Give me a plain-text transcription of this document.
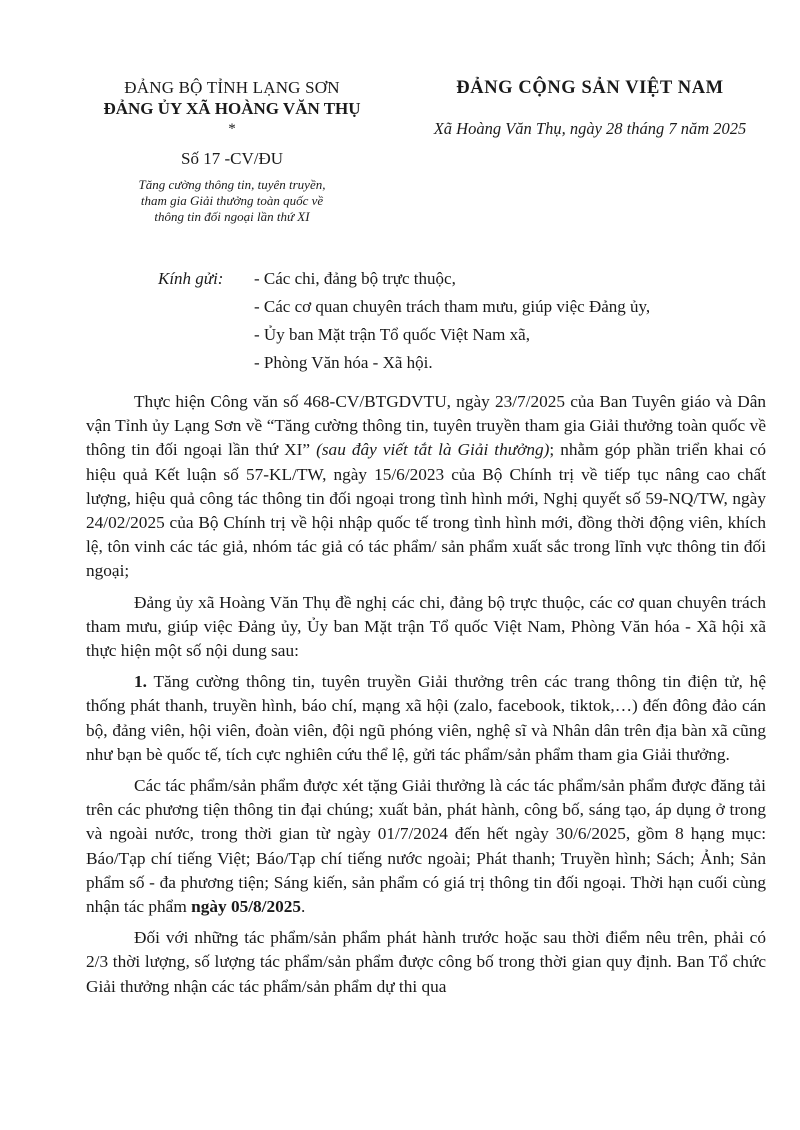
ĐẢNG BỘ TỈNH LẠNG SƠN
ĐẢNG ỦY XÃ HOÀNG VĂN THỤ
*
Số 17 -CV/ĐU
Tăng cường thông tin, tuyên truyền,
tham gia Giải thưởng toàn quốc về
thông tin đối ngoại lần thứ XI
ĐẢNG CỘNG SẢN VIỆT NAM
Xã Hoàng Văn Thụ, ngày 28 tháng 7 năm 2025
Kính gửi:	- Các chi, đảng bộ trực thuộc,
- Các cơ quan chuyên trách tham mưu, giúp việc Đảng ủy,
- Ủy ban Mặt trận Tổ quốc Việt Nam xã,
- Phòng Văn hóa - Xã hội.

Thực hiện Công văn số 468-CV/BTGDVTU, ngày 23/7/2025 của Ban Tuyên giáo và Dân vận Tỉnh ủy Lạng Sơn về “Tăng cường thông tin, tuyên truyền tham gia Giải thưởng toàn quốc về thông tin đối ngoại lần thứ XI” (sau đây viết tắt là Giải thưởng); nhằm góp phần triển khai có hiệu quả Kết luận số 57-KL/TW, ngày 15/6/2023 của Bộ Chính trị về tiếp tục nâng cao chất lượng, hiệu quả công tác thông tin đối ngoại trong tình hình mới, Nghị quyết số 59-NQ/TW, ngày 24/02/2025 của Bộ Chính trị về hội nhập quốc tế trong tình hình mới, đồng thời động viên, khích lệ, tôn vinh các tác giả, nhóm tác giả có tác phẩm/ sản phẩm xuất sắc trong lĩnh vực thông tin đối ngoại;

Đảng ủy xã Hoàng Văn Thụ đề nghị các chi, đảng bộ trực thuộc, các cơ quan chuyên trách tham mưu, giúp việc Đảng ủy, Ủy ban Mặt trận Tổ quốc Việt Nam, Phòng Văn hóa - Xã hội xã thực hiện một số nội dung sau:

1. Tăng cường thông tin, tuyên truyền Giải thưởng trên các trang thông tin điện tử, hệ thống phát thanh, truyền hình, báo chí, mạng xã hội (zalo, facebook, tiktok,…) đến đông đảo cán bộ, đảng viên, hội viên, đoàn viên, đội ngũ phóng viên, nghệ sĩ và Nhân dân trên địa bàn xã cũng như bạn bè quốc tế, tích cực nghiên cứu thể lệ, gửi tác phẩm/sản phẩm tham gia Giải thưởng.

Các tác phẩm/sản phẩm được xét tặng Giải thưởng là các tác phẩm/sản phẩm được đăng tải trên các phương tiện thông tin đại chúng; xuất bản, phát hành, công bố, sáng tạo, áp dụng ở trong và ngoài nước, trong thời gian từ ngày 01/7/2024 đến hết ngày 30/6/2025, gồm 8 hạng mục: Báo/Tạp chí tiếng Việt; Báo/Tạp chí tiếng nước ngoài; Phát thanh; Truyền hình; Sách; Ảnh; Sản phẩm số - đa phương tiện; Sáng kiến, sản phẩm có giá trị thông tin đối ngoại. Thời hạn cuối cùng nhận tác phẩm ngày 05/8/2025.

Đối với những tác phẩm/sản phẩm phát hành trước hoặc sau thời điểm nêu trên, phải có 2/3 thời lượng, số lượng tác phẩm/sản phẩm được công bố trong thời gian quy định. Ban Tổ chức Giải thưởng nhận các tác phẩm/sản phẩm dự thi qua
